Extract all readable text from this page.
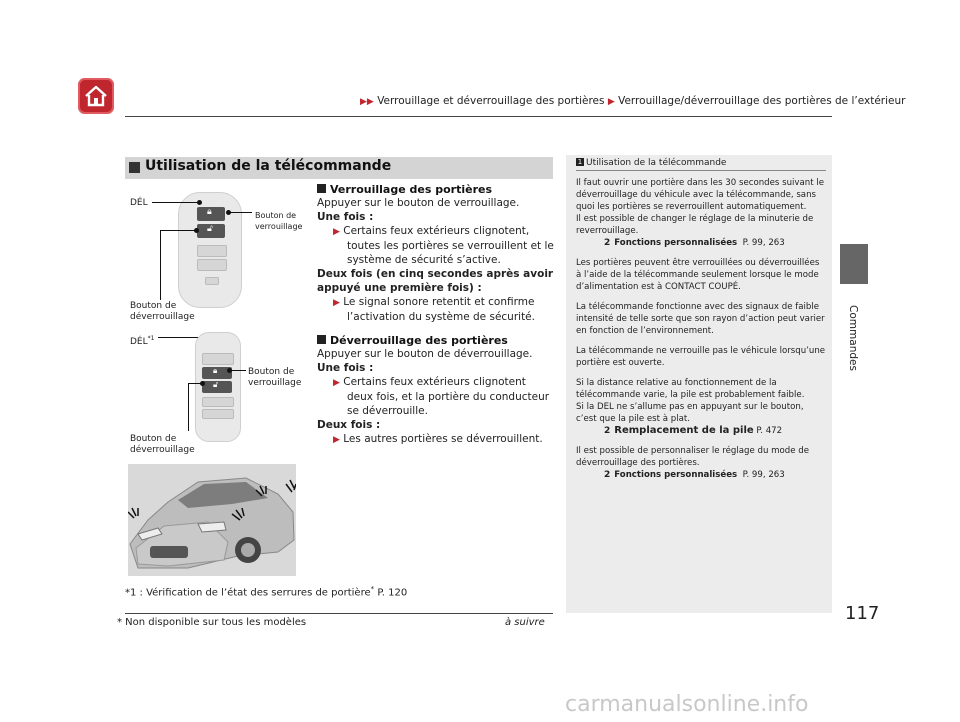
▶▶ Verrouillage et déverrouillage des portières ▶ Verrouillage/déverrouillage des portières de l’extérieur
Commandes
Utilisation de la télécommande
Verrouillage des portières
Appuyer sur le bouton de verrouillage.
Une fois :
▶ Certains feux extérieurs clignotent, toutes les portières se verrouillent et le système de sécurité s’active.
Deux fois (en cinq secondes après avoir appuyé une première fois) :
▶ Le signal sonore retentit et confirme l’activation du système de sécurité.
Déverrouillage des portières
Appuyer sur le bouton de déverrouillage.
Une fois :
▶ Certains feux extérieurs clignotent deux fois, et la portière du conducteur se déverrouille.
Deux fois :
▶ Les autres portières se déverrouillent.
🔒︎
🔓︎
DÉL
Bouton de verrouillage
Bouton de
déverrouillage
DÉL$^{*1}$
🔒︎
🔓︎
Bouton de
verrouillage
Bouton de
déverrouillage
*1 : Vérification de l’état des serrures de portière* P. 120
1 Utilisation de la télécommande
Il faut ouvrir une portière dans les 30 secondes suivant le déverrouillage du véhicule avec la télécommande, sans quoi les portières se reverrouillent automatiquement.
Il est possible de changer le réglage de la minuterie de reverrouillage.
2 Fonctions personnalisées P. 99, 263
Les portières peuvent être verrouillées ou déverrouillées à l’aide de la télécommande seulement lorsque le mode d’alimentation est à CONTACT COUPÉ.
La télécommande fonctionne avec des signaux de faible intensité de telle sorte que son rayon d’action peut varier en fonction de l’environnement.
La télécommande ne verrouille pas le véhicule lorsqu’une portière est ouverte.
Si la distance relative au fonctionnement de la télécommande varie, la pile est probablement faible.
Si la DEL ne s’allume pas en appuyant sur le bouton, c’est que la pile est à plat.
2 Remplacement de la pile P. 472
Il est possible de personnaliser le réglage du mode de déverrouillage des portières.
2 Fonctions personnalisées P. 99, 263
à suivre	117
* Non disponible sur tous les modèles
carmanualsonline.info
